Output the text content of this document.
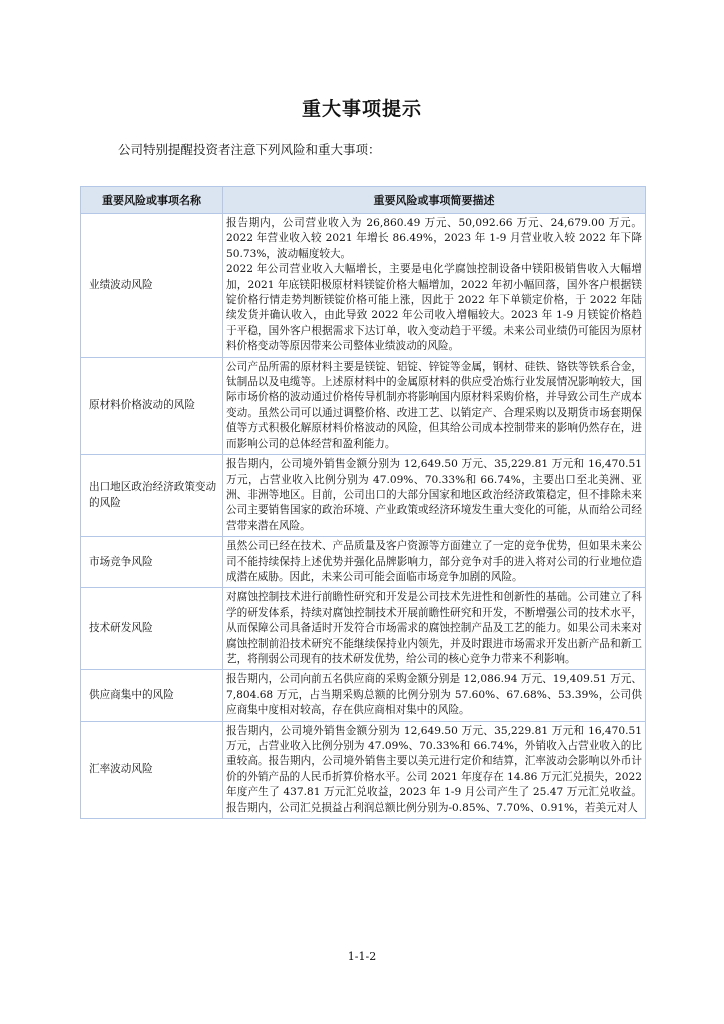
重大事项提示
公司特别提醒投资者注意下列风险和重大事项：
重要风险或事项名称	重要风险或事项简要描述
业绩波动风险	报告期内，公司营业收入为 26,860.49 万元、50,092.66 万元、24,679.00 万元。2022 年营业收入较 2021 年增长 86.49%，2023 年 1-9 月营业收入较 2022 年下降 50.73%，波动幅度较大。

2022 年公司营业收入大幅增长，主要是电化学腐蚀控制设备中镁阳极销售收入大幅增加，2021 年底镁阳极原材料镁锭价格大幅增加，2022 年初小幅回落，国外客户根据镁锭价格行情走势判断镁锭价格可能上涨，因此于 2022 年下单锁定价格，于 2022 年陆续发货并确认收入，由此导致 2022 年公司收入增幅较大。2023 年 1-9 月镁锭价格趋于平稳，国外客户根据需求下达订单，收入变动趋于平缓。未来公司业绩仍可能因为原材料价格变动等原因带来公司整体业绩波动的风险。

原材料价格波动的风险	公司产品所需的原材料主要是镁锭、铝锭、锌锭等金属，钢材、硅铁、铬铁等铁系合金，钛制品以及电缆等。上述原材料中的金属原材料的供应受冶炼行业发展情况影响较大，国际市场价格的波动通过价格传导机制亦将影响国内原材料采购价格，并导致公司生产成本变动。虽然公司可以通过调整价格、改进工艺、以销定产、合理采购以及期货市场套期保值等方式积极化解原材料价格波动的风险，但其给公司成本控制带来的影响仍然存在，进而影响公司的总体经营和盈利能力。

出口地区政治经济政策变动的风险	报告期内，公司境外销售金额分别为 12,649.50 万元、35,229.81 万元和 16,470.51 万元，占营业收入比例分别为 47.09%、70.33%和 66.74%，主要出口至北美洲、亚洲、非洲等地区。目前，公司出口的大部分国家和地区政治经济政策稳定，但不排除未来公司主要销售国家的政治环境、产业政策或经济环境发生重大变化的可能，从而给公司经营带来潜在风险。

市场竞争风险	虽然公司已经在技术、产品质量及客户资源等方面建立了一定的竞争优势，但如果未来公司不能持续保持上述优势并强化品牌影响力，部分竞争对手的进入将对公司的行业地位造成潜在威胁。因此，未来公司可能会面临市场竞争加剧的风险。

技术研发风险	对腐蚀控制技术进行前瞻性研究和开发是公司技术先进性和创新性的基础。公司建立了科学的研发体系，持续对腐蚀控制技术开展前瞻性研究和开发，不断增强公司的技术水平，从而保障公司具备适时开发符合市场需求的腐蚀控制产品及工艺的能力。如果公司未来对腐蚀控制前沿技术研究不能继续保持业内领先，并及时跟进市场需求开发出新产品和新工艺，将削弱公司现有的技术研发优势，给公司的核心竞争力带来不利影响。

供应商集中的风险	报告期内，公司向前五名供应商的采购金额分别是 12,086.94 万元、19,409.51 万元、7,804.68 万元，占当期采购总额的比例分别为 57.60%、67.68%、53.39%，公司供应商集中度相对较高，存在供应商相对集中的风险。

汇率波动风险	报告期内，公司境外销售金额分别为 12,649.50 万元、35,229.81 万元和 16,470.51 万元，占营业收入比例分别为 47.09%、70.33%和 66.74%，外销收入占营业收入的比重较高。报告期内，公司境外销售主要以美元进行定价和结算，汇率波动会影响以外币计价的外销产品的人民币折算价格水平。公司 2021 年度存在 14.86 万元汇兑损失，2022 年度产生了 437.81 万元汇兑收益，2023 年 1-9 月公司产生了 25.47 万元汇兑收益。报告期内，公司汇兑损益占利润总额比例分别为-0.85%、7.70%、0.91%，若美元对人

1-1-2
